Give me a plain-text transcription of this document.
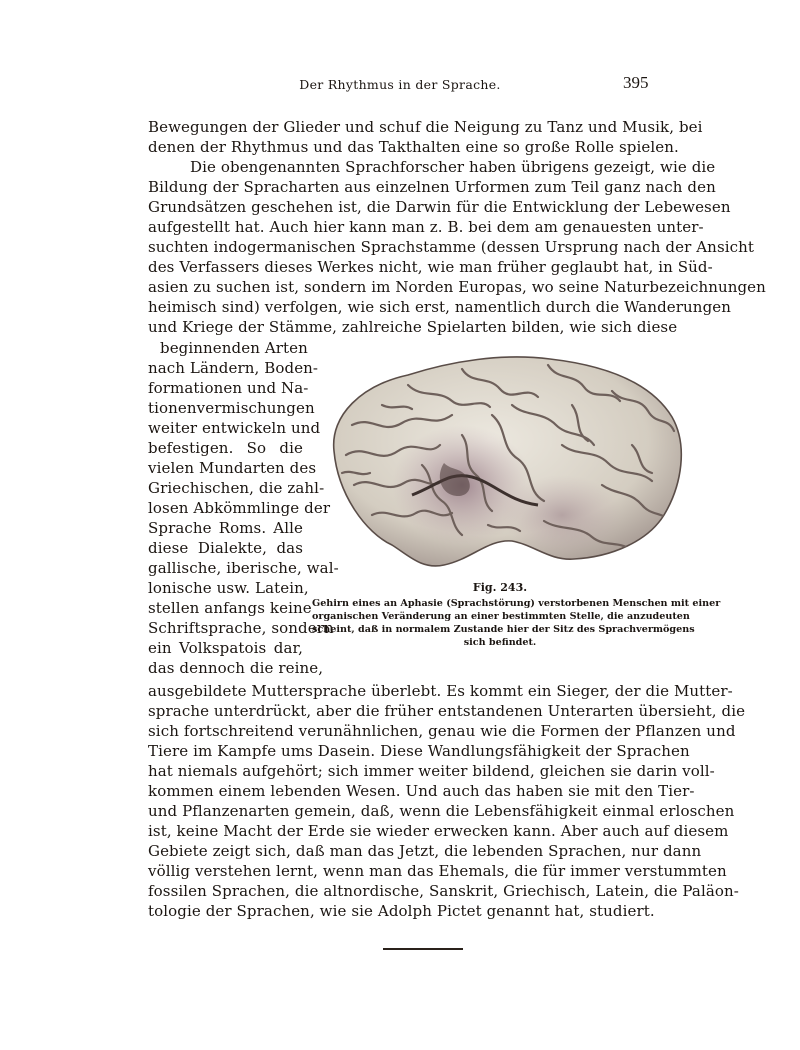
Der Rhythmus in der Sprache.	395
Bewegungen der Glieder und schuf die Neigung zu Tanz und Musik, bei
denen der Rhythmus und das Takthalten eine so große Rolle spielen.
Die obengenannten Sprachforscher haben übrigens gezeigt, wie die
Bildung der Spracharten aus einzelnen Urformen zum Teil ganz nach den
Grundsätzen geschehen ist, die Darwin für die Entwicklung der Lebewesen
aufgestellt hat. Auch hier kann man z. B. bei dem am genauesten unter-
suchten indogermanischen Sprachstamme (dessen Ursprung nach der Ansicht
des Verfassers dieses Werkes nicht, wie man früher geglaubt hat, in Süd-
asien zu suchen ist, sondern im Norden Europas, wo seine Naturbezeichnungen
heimisch sind) verfolgen, wie sich erst, namentlich durch die Wanderungen
und Kriege der Stämme, zahlreiche Spielarten bilden, wie sich diese
beginnenden Arten
nach Ländern, Boden-
formationen und Na-
tionenvermischungen
weiter entwickeln und
befestigen. So die
vielen Mundarten des
Griechischen, die zahl-
losen Abkömmlinge der
Sprache Roms. Alle
diese Dialekte, das
gallische, iberische, wal-
lonische usw. Latein,
stellen anfangs keine
Schriftsprache, sondern
ein Volkspatois dar,
das dennoch die reine,
Fig. 243.
Gehirn eines an Aphasie (Sprachstörung) verstorbenen Menschen mit einer
organischen Veränderung an einer bestimmten Stelle, die anzudeuten
scheint, daß in normalem Zustande hier der Sitz des Sprachvermögens
sich befindet.
ausgebildete Muttersprache überlebt. Es kommt ein Sieger, der die Mutter-
sprache unterdrückt, aber die früher entstandenen Unterarten übersieht, die
sich fortschreitend verunähnlichen, genau wie die Formen der Pflanzen und
Tiere im Kampfe ums Dasein. Diese Wandlungsfähigkeit der Sprachen
hat niemals aufgehört; sich immer weiter bildend, gleichen sie darin voll-
kommen einem lebenden Wesen. Und auch das haben sie mit den Tier-
und Pflanzenarten gemein, daß, wenn die Lebensfähigkeit einmal erloschen
ist, keine Macht der Erde sie wieder erwecken kann. Aber auch auf diesem
Gebiete zeigt sich, daß man das Jetzt, die lebenden Sprachen, nur dann
völlig verstehen lernt, wenn man das Ehemals, die für immer verstummten
fossilen Sprachen, die altnordische, Sanskrit, Griechisch, Latein, die Paläon-
tologie der Sprachen, wie sie Adolph Pictet genannt hat, studiert.
